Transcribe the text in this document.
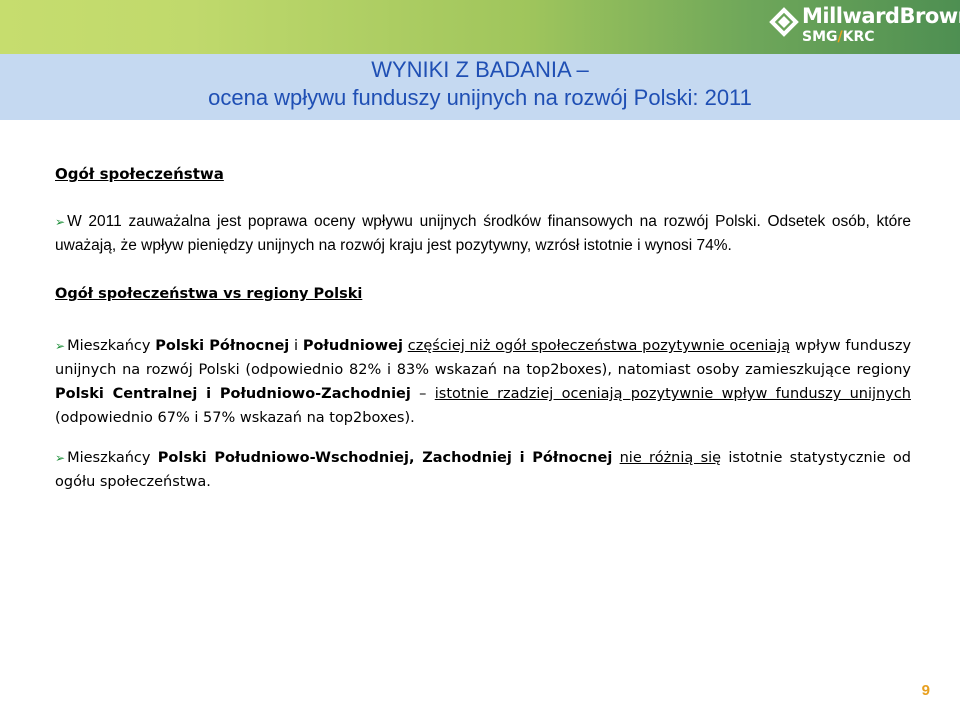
MillwardBrown
SMG/KRC
WYNIKI Z BADANIA –
ocena wpływu funduszy unijnych na rozwój Polski: 2011
Ogół społeczeństwa

➢ W 2011 zauważalna jest poprawa oceny wpływu unijnych środków finansowych na rozwój Polski. Odsetek osób, które uważają, że wpływ pieniędzy unijnych na rozwój kraju jest pozytywny, wzrósł istotnie i wynosi 74%.

Ogół społeczeństwa vs regiony Polski

➢ Mieszkańcy Polski Północnej i Południowej częściej niż ogół społeczeństwa pozytywnie oceniają wpływ funduszy unijnych na rozwój Polski (odpowiednio 82% i 83% wskazań na top2boxes), natomiast osoby zamieszkujące regiony Polski Centralnej i Południowo-Zachodniej – istotnie rzadziej oceniają pozytywnie wpływ funduszy unijnych (odpowiednio 67% i 57% wskazań na top2boxes).

➢ Mieszkańcy Polski Południowo-Wschodniej, Zachodniej i Północnej nie różnią się istotnie statystycznie od ogółu społeczeństwa.

9
